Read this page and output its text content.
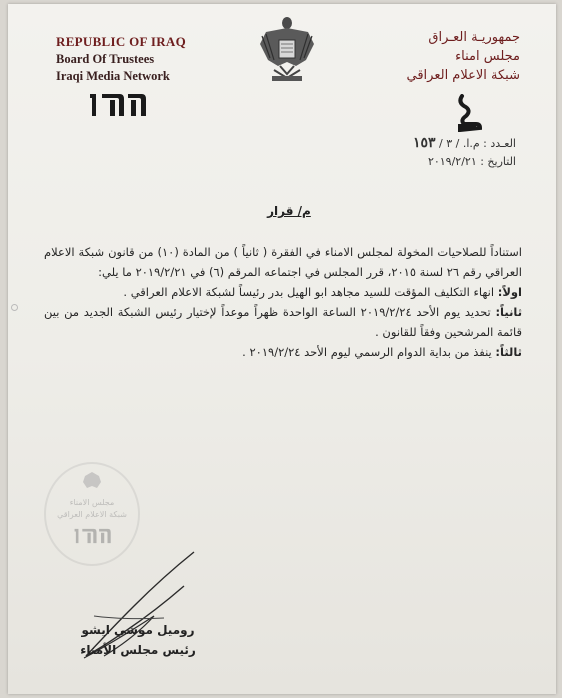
REPUBLIC OF IRAQ
Board Of Trustees
Iraqi Media Network
جمهوريـة العـراق
مجلس امناء
شبكة الاعلام العراقي
العـدد : م.ا. / ٣ / ١٥٣
التاريخ : ٢٠١٩/٢/٢١
م/ قرار

استناداً للصلاحيات المخولة لمجلس الامناء في الفقرة ( ثانياً ) من المادة (١٠) من قانون شبكة الاعلام العراقي رقم ٢٦ لسنة ٢٠١٥، قرر المجلس في اجتماعه المرقم (٦) في ٢٠١٩/٢/٢١ ما يلي:

اولاً: انهاء التكليف المؤقت للسيد مجاهد ابو الهيل بدر رئيساً لشبكة الاعلام العراقي .

ثانياً: تحديد يوم الأحد ٢٠١٩/٢/٢٤ الساعة الواحدة ظهراً موعداً لإختيار رئيس الشبكة الجديد من بين قائمة المرشحين وفقاً للقانون .

ثالثاً: ينفذ من بداية الدوام الرسمي ليوم الأحد ٢٠١٩/٢/٢٤ .

مجلس الامناء
شبكة الاعلام العراقي
روميل موشي ايشو
رئيس مجلس الأمناء
